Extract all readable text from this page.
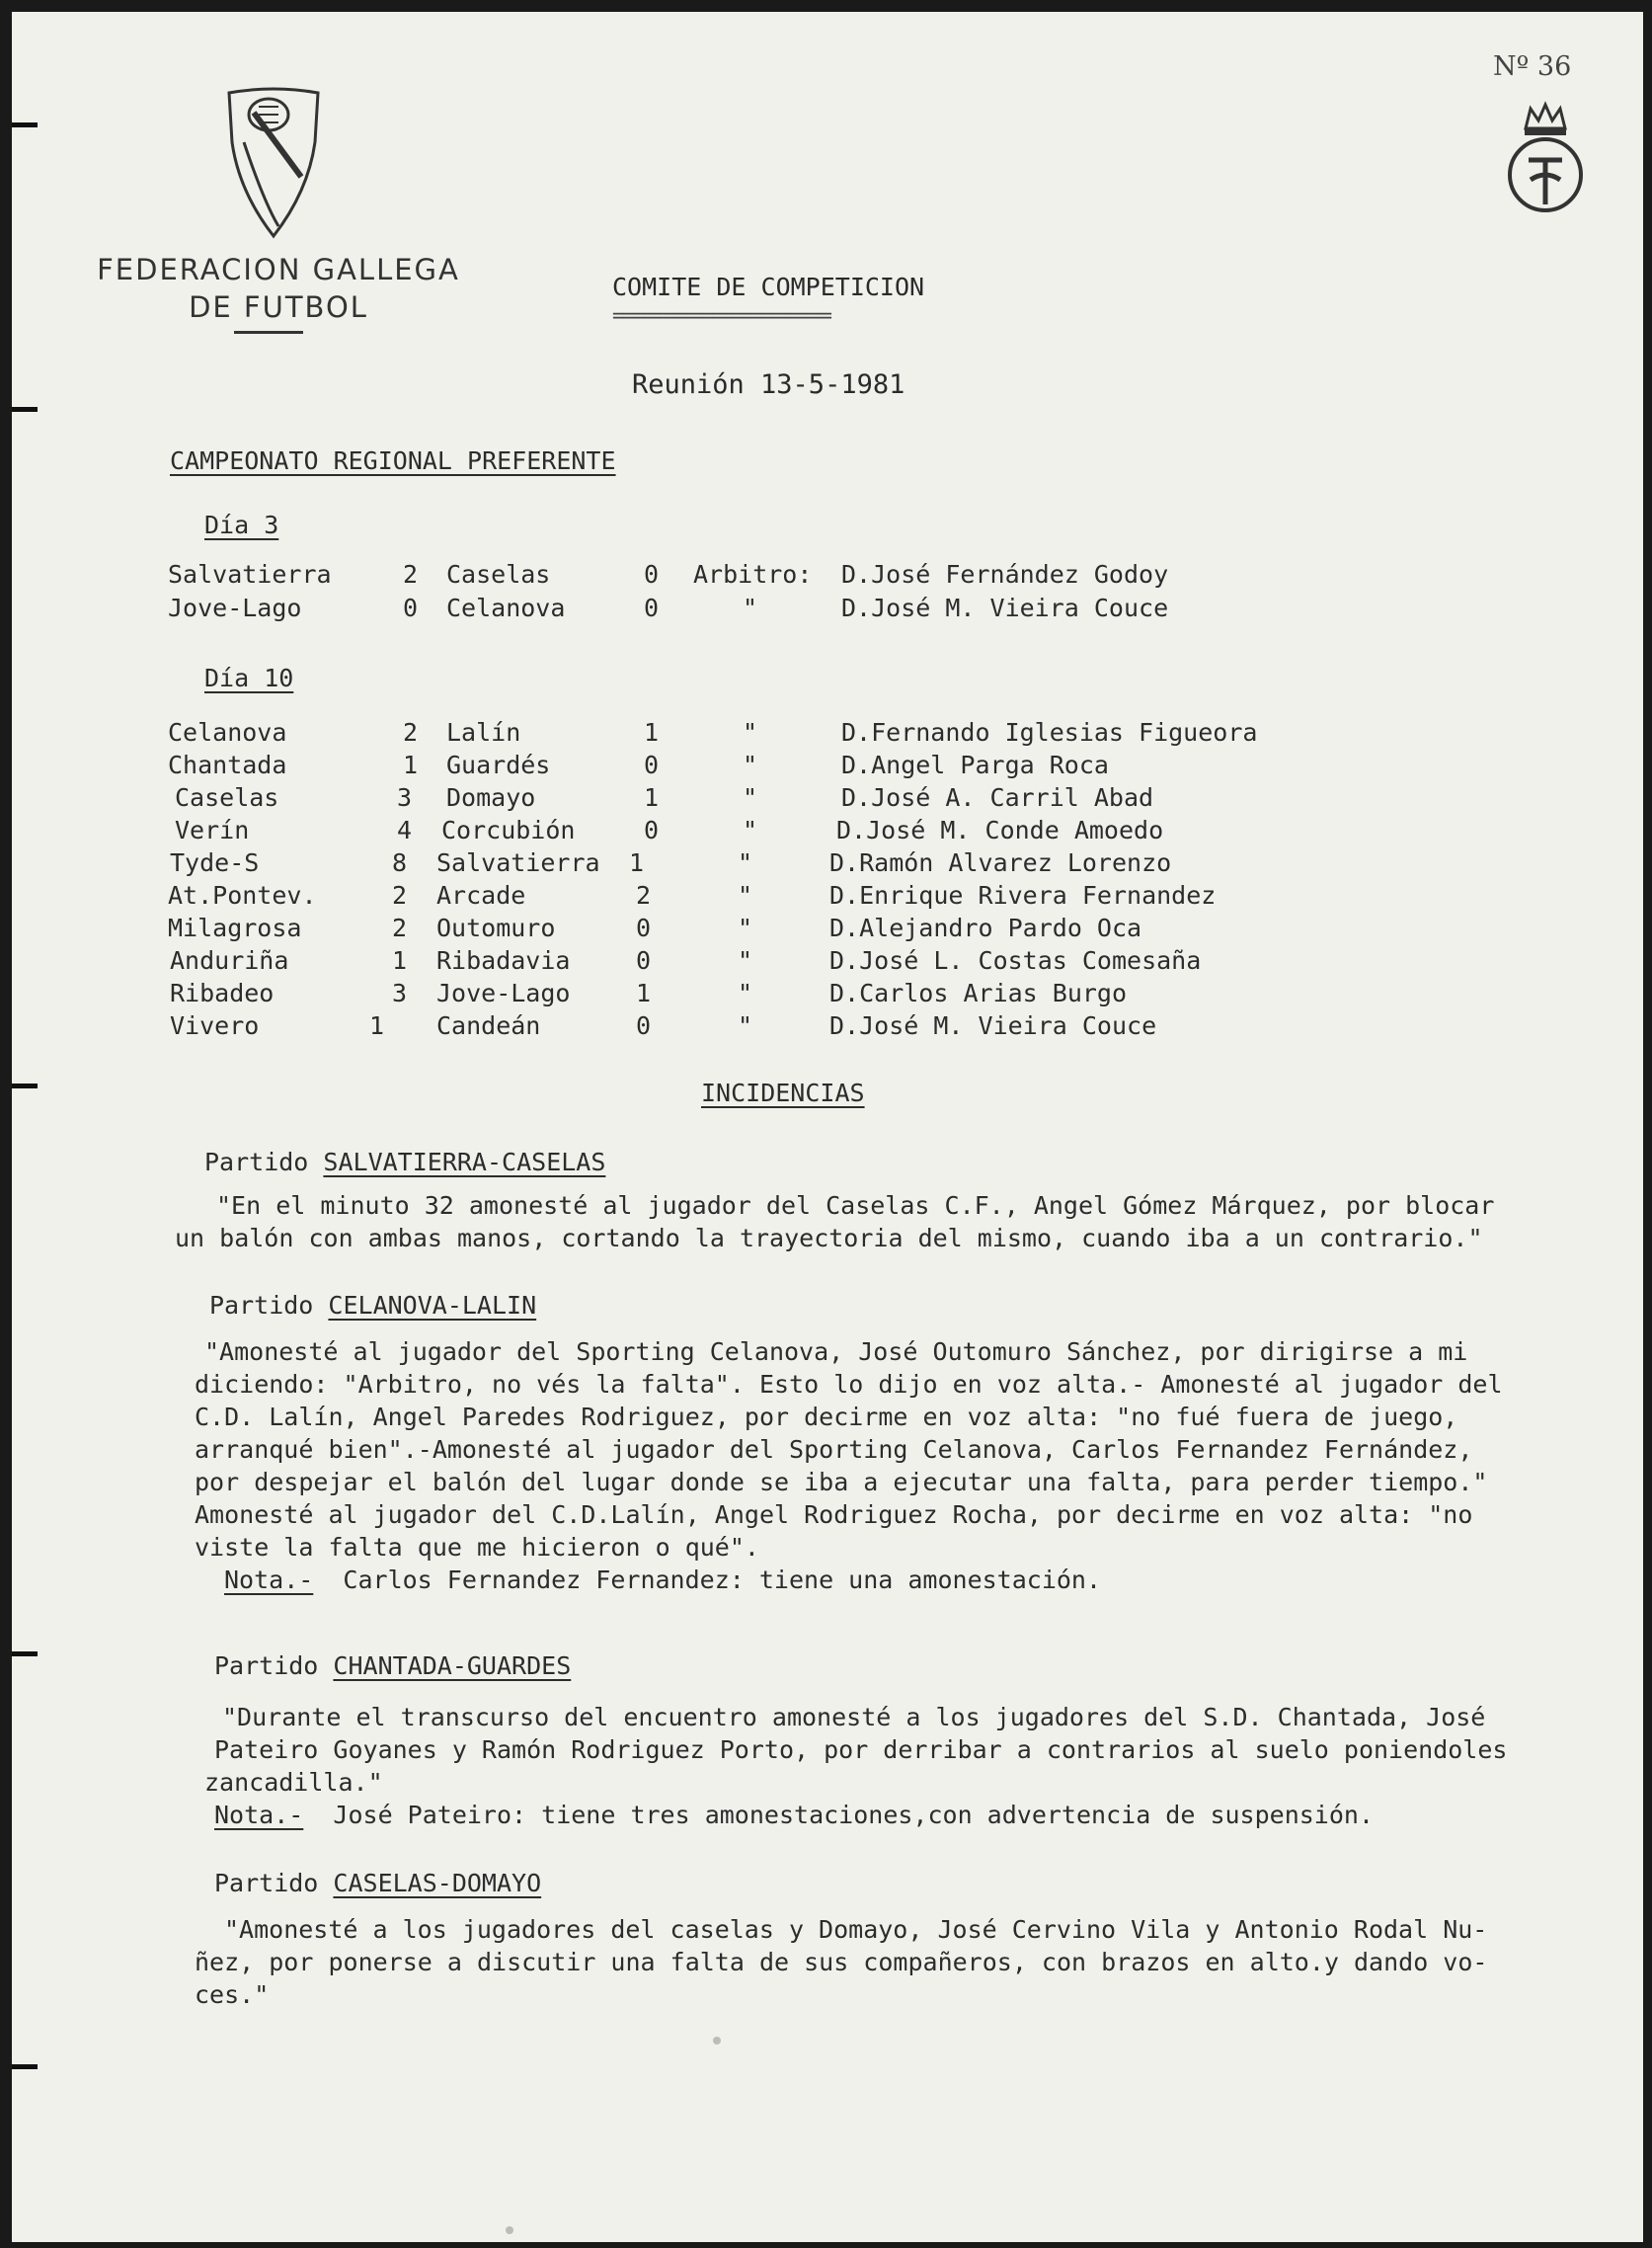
FEDERACION GALLEGA
DE FUTBOL
Nº 36
COMITE DE COMPETICION
======================
Reunión 13-5-1981
CAMPEONATO REGIONAL PREFERENTE
Día 3
Salvatierra	2 Caselas	0 Arbitro: D.José Fernández Godoy
Jove-Lago	0 Celanova	0	"	D.José M. Vieira Couce
Día 10
Celanova	2 Lalín	1	"	D.Fernando Iglesias Figueora
Chantada	1 Guardés	0	"	D.Angel Parga Roca
Caselas	3 Domayo	1	"	D.José A. Carril Abad
Verín	4 Corcubión	0	"	D.José M. Conde Amoedo
Tyde-S	8 Salvatierra 1	"	D.Ramón Alvarez Lorenzo
At.Pontev.	2 Arcade	2	"	D.Enrique Rivera Fernandez
Milagrosa	2 Outomuro	0	"	D.Alejandro Pardo Oca
Anduriña	1 Ribadavia	0	"	D.José L. Costas Comesaña
Ribadeo	3 Jove-Lago	1	"	D.Carlos Arias Burgo
Vivero	1 Candeán	0	"	D.José M. Vieira Couce
INCIDENCIAS
Partido SALVATIERRA-CASELAS
"En el minuto 32 amonesté al jugador del Caselas C.F., Angel Gómez Márquez, por blocar
un balón con ambas manos, cortando la trayectoria del mismo, cuando iba a un contrario."
Partido CELANOVA-LALIN
"Amonesté al jugador del Sporting Celanova, José Outomuro Sánchez, por dirigirse a mi
diciendo: "Arbitro, no vés la falta". Esto lo dijo en voz alta.- Amonesté al jugador del
C.D. Lalín, Angel Paredes Rodriguez, por decirme en voz alta: "no fué fuera de juego,
arranqué bien".-Amonesté al jugador del Sporting Celanova, Carlos Fernandez Fernández,
por despejar el balón del lugar donde se iba a ejecutar una falta, para perder tiempo."
Amonesté al jugador del C.D.Lalín, Angel Rodriguez Rocha, por decirme en voz alta: "no
viste la falta que me hicieron o qué".
Nota.- Carlos Fernandez Fernandez: tiene una amonestación.
Partido CHANTADA-GUARDES
"Durante el transcurso del encuentro amonesté a los jugadores del S.D. Chantada, José
Pateiro Goyanes y Ramón Rodriguez Porto, por derribar a contrarios al suelo poniendoles
zancadilla."
Nota.- José Pateiro: tiene tres amonestaciones,con advertencia de suspensión.
Partido CASELAS-DOMAYO
"Amonesté a los jugadores del caselas y Domayo, José Cervino Vila y Antonio Rodal Nu-
ñez, por ponerse a discutir una falta de sus compañeros, con brazos en alto.y dando vo-
ces."
